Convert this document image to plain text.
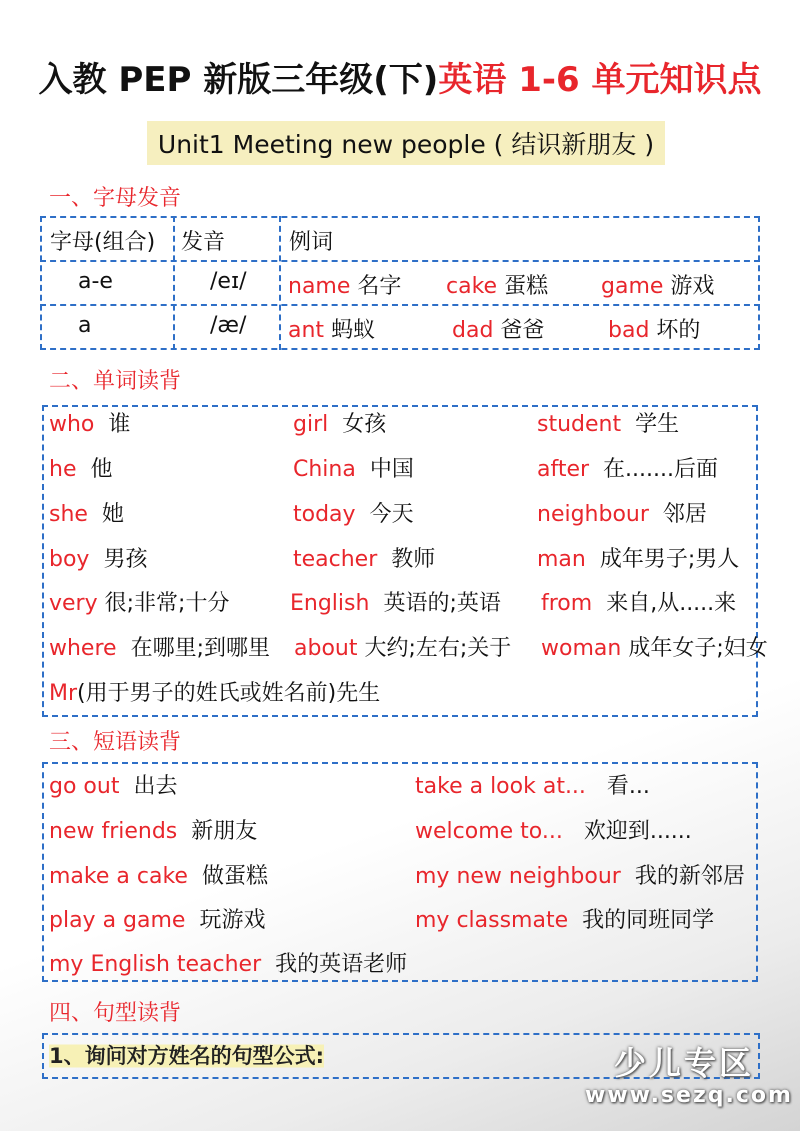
入教 PEP 新版三年级(下)英语 1-6 单元知识点
Unit1 Meeting new people ( 结识新朋友 )
一、字母发音
字母(组合) 发音	例词
a-e	/eɪ/ name 名字 cake 蛋糕 game 游戏
a	/æ/ ant 蚂蚁	dad 爸爸	bad 坏的
二、单词读背
who 谁	girl 女孩	student 学生
he 他	China 中国	after 在.......后面
she 她	today 今天	neighbour 邻居
boy 男孩	teacher 教师	man 成年男子;男人
very 很;非常;十分	English 英语的;英语 from 来自,从.....来
where 在哪里;到哪里 about 大约;左右;关于 woman 成年女子;妇女
Mr(用于男子的姓氏或姓名前)先生
三、短语读背
go out 出去	take a look at... 看...
new friends 新朋友	welcome to... 欢迎到......
make a cake 做蛋糕	my new neighbour 我的新邻居
play a game 玩游戏	my classmate 我的同班同学
my English teacher 我的英语老师
四、句型读背
1、询问对方姓名的句型公式:	少儿专区
www.sezq.com
